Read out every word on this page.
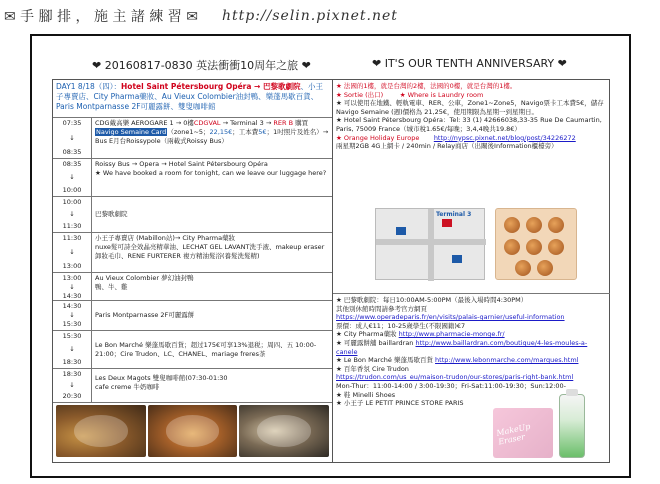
✉ 手 腳 排 ， 施 主 諸 練 習 ✉ http://selin.pixnet.net
❤ 20160817-0830 英法衝衝10周年之旅 ❤	❤ IT'S OUR TENTH ANNIVERSARY ❤
DAY1 8/18（四）：Hotel Saint Pétersbourg Opéra → 巴黎歌劇院、小王子專賣店、City Pharma藥妝、Au Vieux Colombier油封鴨、樂蓬馬歇百貨、Paris Montparnasse 2F可麗露餅、雙叟咖啡館
07:35
↓
08:35
CDG戴高樂 AEROGARE 1 → 0樓CDGVAL → Terminal 3 → RER B 購買
Navigo Semaine Card（zone1~5；22,15€；工本費5€；1吋照片及姓名）→ Bus E月台Roissypole（兩載式Roissy Bus）
08:35
↓
10:00
Roissy Bus → Opera → Hotel Saint Pétersbourg Opéra
★ We have booked a room for tonight, can we leave our luggage here?
10:00
↓
11:30
巴黎歌劇院
11:30
↓
13:00
小王子專賣店 (Mabillon站)→ City Pharma藥妝
nuxe髮可詩全效晶亮精華油、LECHAT GEL LAVANT洗手液、makeup eraser卸妝毛巾、RENE FURTERER 複方精油髮浴(養髮洗髮精)
13:00
↓
14:30
Au Vieux Colombier 夢幻油封鴨
鴨、牛、雞
14:30
↓
15:30
Paris Montparnasse 2F可麗露餅
15:30
↓
18:30
Le Bon Marché 樂蓬馬歇百貨；超过175€可享13%退税；周四、五 10:00-21:00；Cire Trudon、LC、CHANEL、mariage freres茶
18:30
↓
20:30
Les Deux Magots 雙叟咖啡館(07:30-01:30
cafe creme 牛奶咖啡
★ 法國的1樓，就是台灣的2樓，法國的0樓，就是台灣的1樓。
★ Sortie (出口)	★ Where is Laundry room
★ 可以使用在地鐵、輕軌電車、RER、公車，Zone1~Zone5，Navigo票卡工本費5€，儲存 Navigo Semaine (週)價格為 21,25€，使用期限為星期一到星期日。
★ Hotel Saint Pétersbourg Opéra：Tel: 33 (1) 42666038,33-35 Rue De Caumartin, Paris, 75009 France（城市稅1.65€/每晚；3,4,4晚共19.8€）
★ Orange Holiday Europe http://nypsc.pixnet.net/blog/post/34226272
兩星期2GB 4G上網卡 / 240min / Relay商店（出關後Information櫃檯旁）
Terminal 3
★ 巴黎歌劇院：每日10:00AM-5:00PM（最後入場時間4:30PM）
其他別休館時間請參考官方網頁
https://www.operadeparis.fr/en/visits/palais-garnier/useful-information
票價：成人€11；10-25歲學生(不限國籍)€7
★ City Pharma藥妝 http://www.pharmacie-monge.fr/
★ 可麗露餅舖 baillardran http://www.baillardran.com/boutique/4-les-moules-a-canele
★ Le Bon Marché 樂蓬馬歇百貨 http://www.lebonmarche.com/marques.html
★ 百年香氛 Cire Trudon
https://trudon.com/us_eu/maison-trudon/our-stores/paris-right-bank.html
Mon-Thur：11:00-14:00 / 3:00-19:30；Fri-Sat:11:00-19:30；Sun:12:00-
★ 鞋 Minelli Shoes
★ 小王子 LE PETIT PRINCE STORE PARIS
MakeUp Eraser
